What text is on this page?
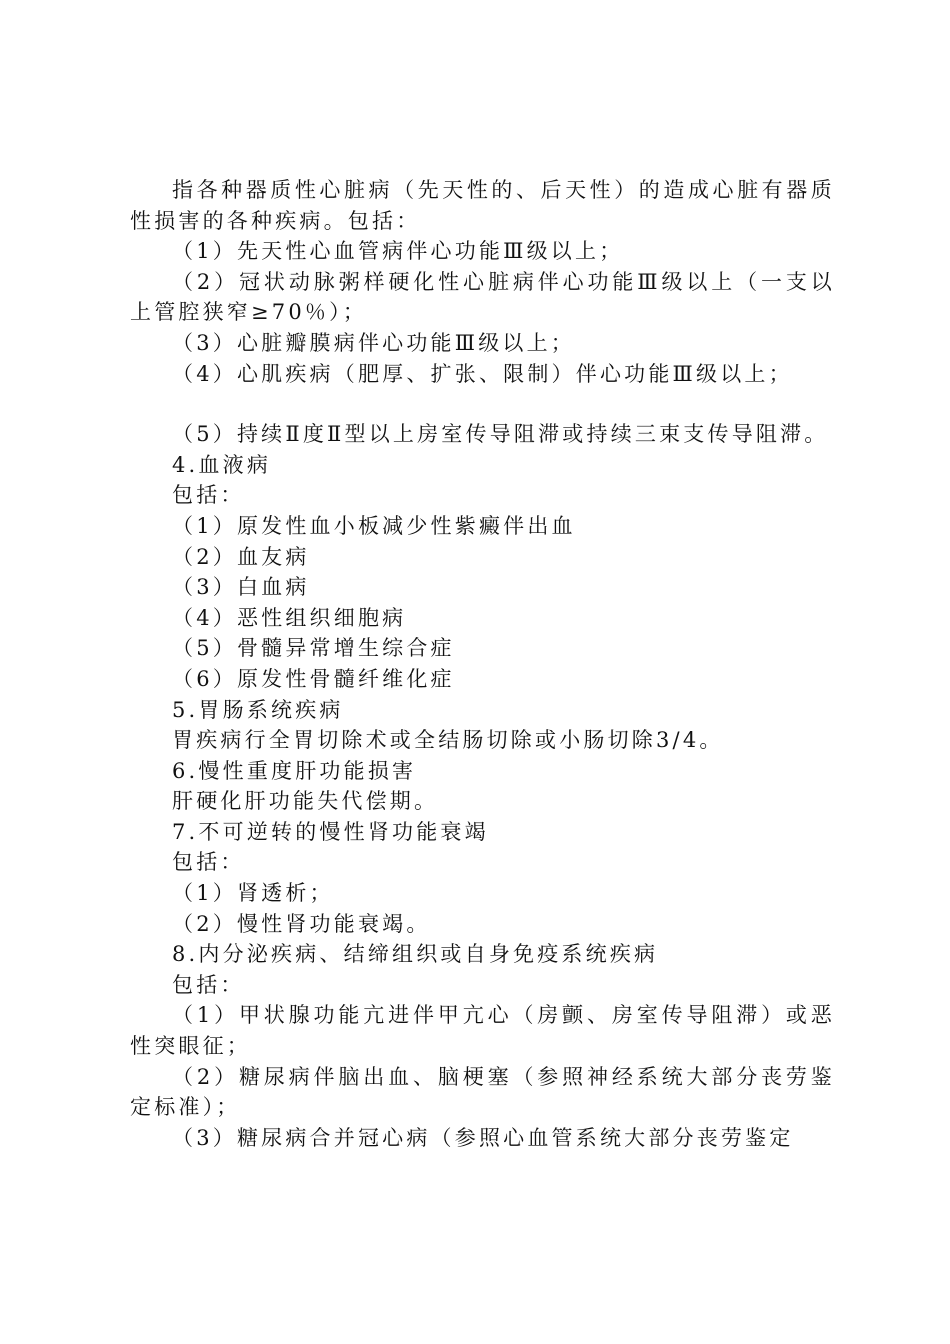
指各种器质性心脏病（先天性的、后天性）的造成心脏有器质性损害的各种疾病。包括：

（1）先天性心血管病伴心功能Ⅲ级以上；

（2）冠状动脉粥样硬化性心脏病伴心功能Ⅲ级以上（一支以上管腔狭窄≥70％）；

（3）心脏瓣膜病伴心功能Ⅲ级以上；

（4）心肌疾病（肥厚、扩张、限制）伴心功能Ⅲ级以上；

（5）持续Ⅱ度Ⅱ型以上房室传导阻滞或持续三束支传导阻滞。

4.血液病

包括：

（1）原发性血小板减少性紫癜伴出血

（2）血友病

（3）白血病

（4）恶性组织细胞病

（5）骨髓异常增生综合症

（6）原发性骨髓纤维化症

5.胃肠系统疾病

胃疾病行全胃切除术或全结肠切除或小肠切除3/4。

6.慢性重度肝功能损害

肝硬化肝功能失代偿期。

7.不可逆转的慢性肾功能衰竭

包括：

（1）肾透析；

（2）慢性肾功能衰竭。

8.内分泌疾病、结缔组织或自身免疫系统疾病

包括：

（1）甲状腺功能亢进伴甲亢心（房颤、房室传导阻滞）或恶性突眼征；

（2）糖尿病伴脑出血、脑梗塞（参照神经系统大部分丧劳鉴定标准）；

（3）糖尿病合并冠心病（参照心血管系统大部分丧劳鉴定
